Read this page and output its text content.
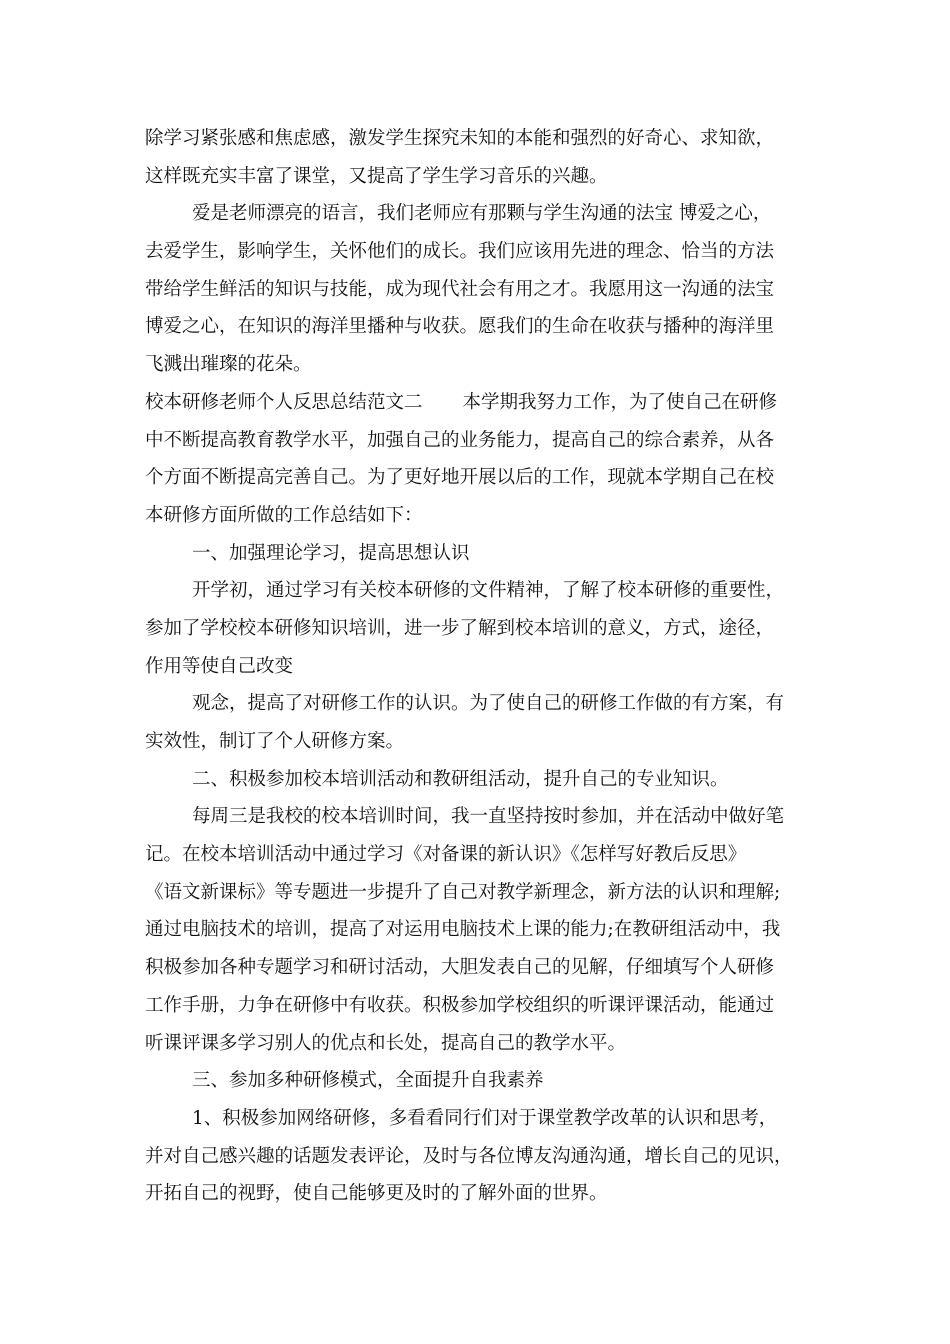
除学习紧张感和焦虑感，激发学生探究未知的本能和强烈的好奇心、求知欲，
这样既充实丰富了课堂，又提高了学生学习音乐的兴趣。
爱是老师漂亮的语言，我们老师应有那颗与学生沟通的法宝 博爱之心，
去爱学生，影响学生，关怀他们的成长。我们应该用先进的理念、恰当的方法
带给学生鲜活的知识与技能，成为现代社会有用之才。我愿用这一沟通的法宝
博爱之心，在知识的海洋里播种与收获。愿我们的生命在收获与播种的海洋里
飞溅出璀璨的花朵。
校本研修老师个人反思总结范文二 本学期我努力工作，为了使自己在研修
中不断提高教育教学水平，加强自己的业务能力，提高自己的综合素养，从各
个方面不断提高完善自己。为了更好地开展以后的工作，现就本学期自己在校
本研修方面所做的工作总结如下：
一、加强理论学习，提高思想认识
开学初，通过学习有关校本研修的文件精神，了解了校本研修的重要性，
参加了学校校本研修知识培训，进一步了解到校本培训的意义，方式，途径，
作用等使自己改变
观念，提高了对研修工作的认识。为了使自己的研修工作做的有方案，有
实效性，制订了个人研修方案。
二、积极参加校本培训活动和教研组活动，提升自己的专业知识。
每周三是我校的校本培训时间，我一直坚持按时参加，并在活动中做好笔
记。在校本培训活动中通过学习《对备课的新认识》《怎样写好教后反思》
《语文新课标》等专题进一步提升了自己对教学新理念，新方法的认识和理解;
通过电脑技术的培训，提高了对运用电脑技术上课的能力;在教研组活动中，我
积极参加各种专题学习和研讨活动，大胆发表自己的见解，仔细填写个人研修
工作手册，力争在研修中有收获。积极参加学校组织的听课评课活动，能通过
听课评课多学习别人的优点和长处，提高自己的教学水平。
三、参加多种研修模式，全面提升自我素养
1、积极参加网络研修，多看看同行们对于课堂教学改革的认识和思考，
并对自己感兴趣的话题发表评论，及时与各位博友沟通沟通，增长自己的见识，
开拓自己的视野，使自己能够更及时的了解外面的世界。
